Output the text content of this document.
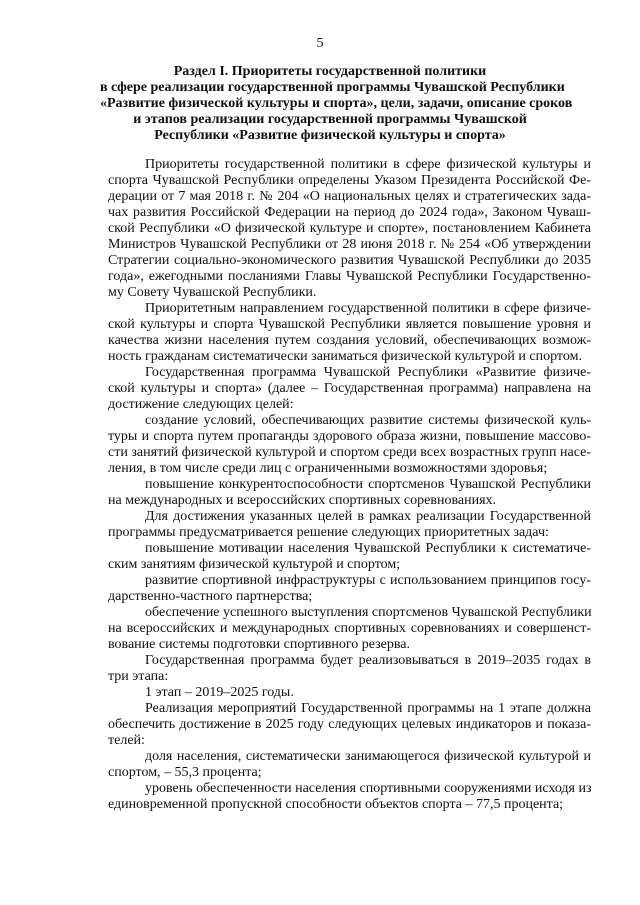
5
Раздел I. Приоритеты государственной политики
в сфере реализации государственной программы Чувашской Республики
«Развитие физической культуры и спорта», цели, задачи, описание сроков
и этапов реализации государственной программы Чувашской
Республики «Развитие физической культуры и спорта»
Приоритеты государственной политики в сфере физической культуры и
спорта Чувашской Республики определены Указом Президента Российской Фе-
дерации от 7 мая 2018 г. № 204 «О национальных целях и стратегических зада-
чах развития Российской Федерации на период до 2024 года», Законом Чуваш-
ской Республики «О физической культуре и спорте», постановлением Кабинета
Министров Чувашской Республики от 28 июня 2018 г. № 254 «Об утверждении
Стратегии социально-экономического развития Чувашской Республики до 2035
года», ежегодными посланиями Главы Чувашской Республики Государственно-
му Совету Чувашской Республики.
Приоритетным направлением государственной политики в сфере физиче-
ской культуры и спорта Чувашской Республики является повышение уровня и
качества жизни населения путем создания условий, обеспечивающих возмож-
ность гражданам систематически заниматься физической культурой и спортом.
Государственная программа Чувашской Республики «Развитие физиче-
ской культуры и спорта» (далее – Государственная программа) направлена на
достижение следующих целей:
создание условий, обеспечивающих развитие системы физической куль-
туры и спорта путем пропаганды здорового образа жизни, повышение массово-
сти занятий физической культурой и спортом среди всех возрастных групп насе-
ления, в том числе среди лиц с ограниченными возможностями здоровья;
повышение конкурентоспособности спортсменов Чувашской Республики
на международных и всероссийских спортивных соревнованиях.
Для достижения указанных целей в рамках реализации Государственной
программы предусматривается решение следующих приоритетных задач:
повышение мотивации населения Чувашской Республики к систематиче-
ским занятиям физической культурой и спортом;
развитие спортивной инфраструктуры с использованием принципов госу-
дарственно-частного партнерства;
обеспечение успешного выступления спортсменов Чувашской Республики
на всероссийских и международных спортивных соревнованиях и совершенст-
вование системы подготовки спортивного резерва.
Государственная программа будет реализовываться в 2019–2035 годах в
три этапа:
1 этап – 2019–2025 годы.
Реализация мероприятий Государственной программы на 1 этапе должна
обеспечить достижение в 2025 году следующих целевых индикаторов и показа-
телей:
доля населения, систематически занимающегося физической культурой и
спортом, – 55,3 процента;
уровень обеспеченности населения спортивными сооружениями исходя из
единовременной пропускной способности объектов спорта – 77,5 процента;
